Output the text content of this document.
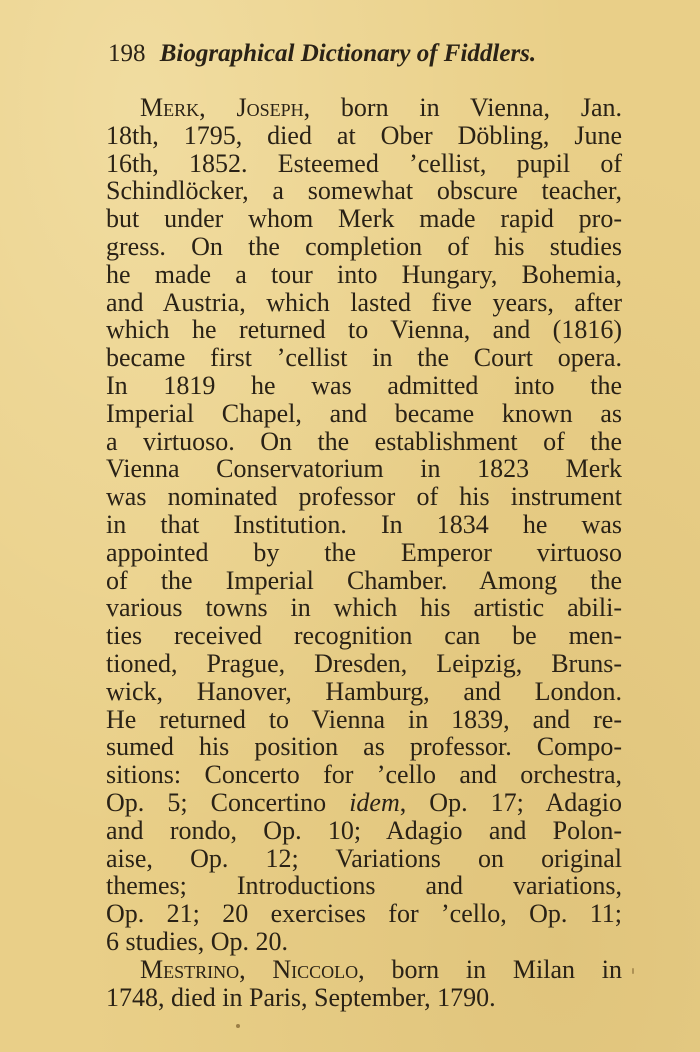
198 Biographical Dictionary of Fiddlers.
Merk, Joseph, born in Vienna, Jan.
18th, 1795, died at Ober Döbling, June
16th, 1852. Esteemed ’cellist, pupil of
Schindlöcker, a somewhat obscure teacher,
but under whom Merk made rapid pro-
gress. On the completion of his studies
he made a tour into Hungary, Bohemia,
and Austria, which lasted five years, after
which he returned to Vienna, and (1816)
became first ’cellist in the Court opera.
In 1819 he was admitted into the
Imperial Chapel, and became known as
a virtuoso. On the establishment of the
Vienna Conservatorium in 1823 Merk
was nominated professor of his instrument
in that Institution. In 1834 he was
appointed by the Emperor virtuoso
of the Imperial Chamber. Among the
various towns in which his artistic abili-
ties received recognition can be men-
tioned, Prague, Dresden, Leipzig, Bruns-
wick, Hanover, Hamburg, and London.
He returned to Vienna in 1839, and re-
sumed his position as professor. Compo-
sitions: Concerto for ’cello and orchestra,
Op. 5; Concertino idem, Op. 17; Adagio
and rondo, Op. 10; Adagio and Polon-
aise, Op. 12; Variations on original
themes; Introductions and variations,
Op. 21; 20 exercises for ’cello, Op. 11;
6 studies, Op. 20.
Mestrino, Niccolo, born in Milan in
1748, died in Paris, September, 1790.
